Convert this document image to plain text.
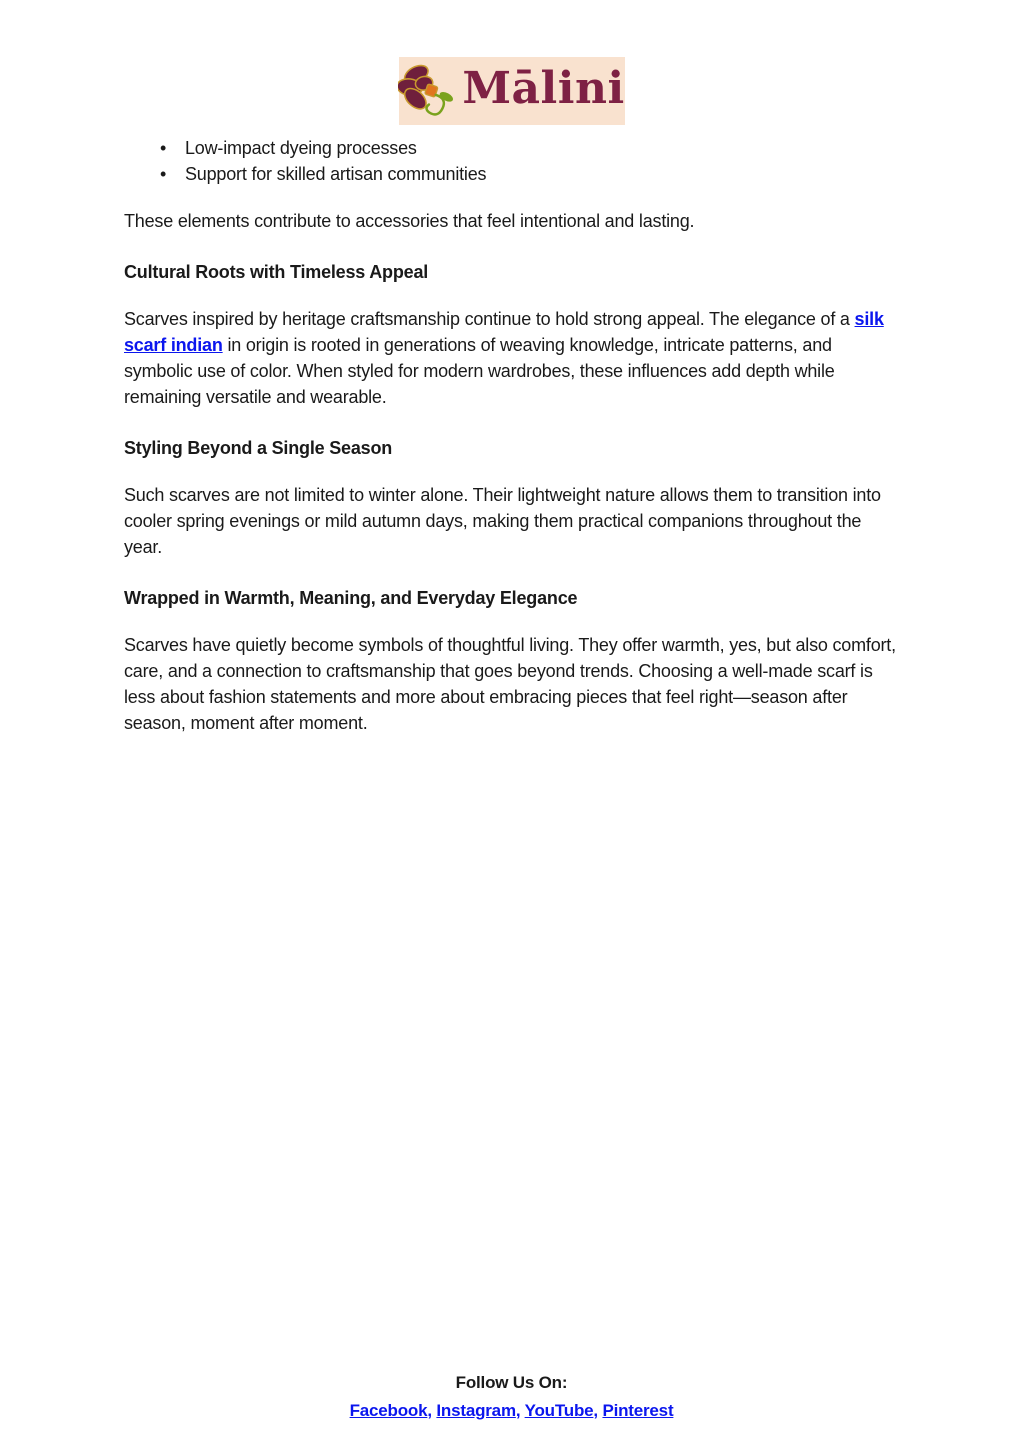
Mālini
• Low-impact dyeing processes
• Support for skilled artisan communities

These elements contribute to accessories that feel intentional and lasting.

Cultural Roots with Timeless Appeal

Scarves inspired by heritage craftsmanship continue to hold strong appeal. The elegance of a silk scarf indian in origin is rooted in generations of weaving knowledge, intricate patterns, and symbolic use of color. When styled for modern wardrobes, these influences add depth while remaining versatile and wearable.

Styling Beyond a Single Season

Such scarves are not limited to winter alone. Their lightweight nature allows them to transition into cooler spring evenings or mild autumn days, making them practical companions throughout the year.

Wrapped in Warmth, Meaning, and Everyday Elegance

Scarves have quietly become symbols of thoughtful living. They offer warmth, yes, but also comfort, care, and a connection to craftsmanship that goes beyond trends. Choosing a well-made scarf is less about fashion statements and more about embracing pieces that feel right—season after season, moment after moment.

Follow Us On:
Facebook, Instagram, YouTube, Pinterest
